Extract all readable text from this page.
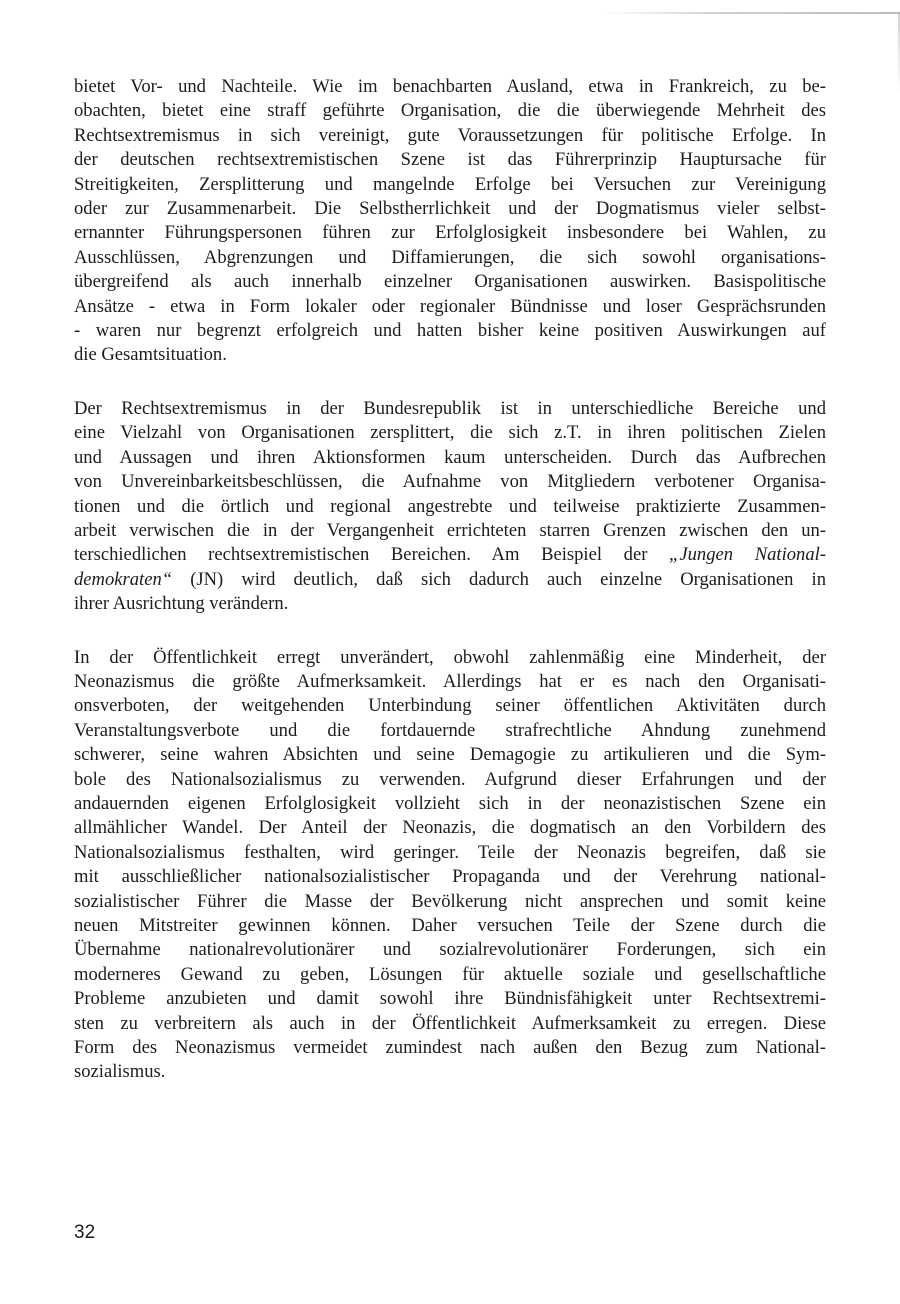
bietet Vor- und Nachteile. Wie im benachbarten Ausland, etwa in Frankreich, zu be-
obachten, bietet eine straff geführte Organisation, die die überwiegende Mehrheit des
Rechtsextremismus in sich vereinigt, gute Voraussetzungen für politische Erfolge. In
der deutschen rechtsextremistischen Szene ist das Führerprinzip Hauptursache für
Streitigkeiten, Zersplitterung und mangelnde Erfolge bei Versuchen zur Vereinigung
oder zur Zusammenarbeit. Die Selbstherrlichkeit und der Dogmatismus vieler selbst-
ernannter Führungspersonen führen zur Erfolglosigkeit insbesondere bei Wahlen, zu
Ausschlüssen, Abgrenzungen und Diffamierungen, die sich sowohl organisations-
übergreifend als auch innerhalb einzelner Organisationen auswirken. Basispolitische
Ansätze - etwa in Form lokaler oder regionaler Bündnisse und loser Gesprächsrunden
- waren nur begrenzt erfolgreich und hatten bisher keine positiven Auswirkungen auf
die Gesamtsituation.

Der Rechtsextremismus in der Bundesrepublik ist in unterschiedliche Bereiche und
eine Vielzahl von Organisationen zersplittert, die sich z.T. in ihren politischen Zielen
und Aussagen und ihren Aktionsformen kaum unterscheiden. Durch das Aufbrechen
von Unvereinbarkeitsbeschlüssen, die Aufnahme von Mitgliedern verbotener Organisa-
tionen und die örtlich und regional angestrebte und teilweise praktizierte Zusammen-
arbeit verwischen die in der Vergangenheit errichteten starren Grenzen zwischen den un-
terschiedlichen rechtsextremistischen Bereichen. Am Beispiel der „Jungen National-
demokraten“ (JN) wird deutlich, daß sich dadurch auch einzelne Organisationen in
ihrer Ausrichtung verändern.

In der Öffentlichkeit erregt unverändert, obwohl zahlenmäßig eine Minderheit, der
Neonazismus die größte Aufmerksamkeit. Allerdings hat er es nach den Organisati-
onsverboten, der weitgehenden Unterbindung seiner öffentlichen Aktivitäten durch
Veranstaltungsverbote und die fortdauernde strafrechtliche Ahndung zunehmend
schwerer, seine wahren Absichten und seine Demagogie zu artikulieren und die Sym-
bole des Nationalsozialismus zu verwenden. Aufgrund dieser Erfahrungen und der
andauernden eigenen Erfolglosigkeit vollzieht sich in der neonazistischen Szene ein
allmählicher Wandel. Der Anteil der Neonazis, die dogmatisch an den Vorbildern des
Nationalsozialismus festhalten, wird geringer. Teile der Neonazis begreifen, daß sie
mit ausschließlicher nationalsozialistischer Propaganda und der Verehrung national-
sozialistischer Führer die Masse der Bevölkerung nicht ansprechen und somit keine
neuen Mitstreiter gewinnen können. Daher versuchen Teile der Szene durch die
Übernahme nationalrevolutionärer und sozialrevolutionärer Forderungen, sich ein
moderneres Gewand zu geben, Lösungen für aktuelle soziale und gesellschaftliche
Probleme anzubieten und damit sowohl ihre Bündnisfähigkeit unter Rechtsextremi-
sten zu verbreitern als auch in der Öffentlichkeit Aufmerksamkeit zu erregen. Diese
Form des Neonazismus vermeidet zumindest nach außen den Bezug zum National-
sozialismus.

32
